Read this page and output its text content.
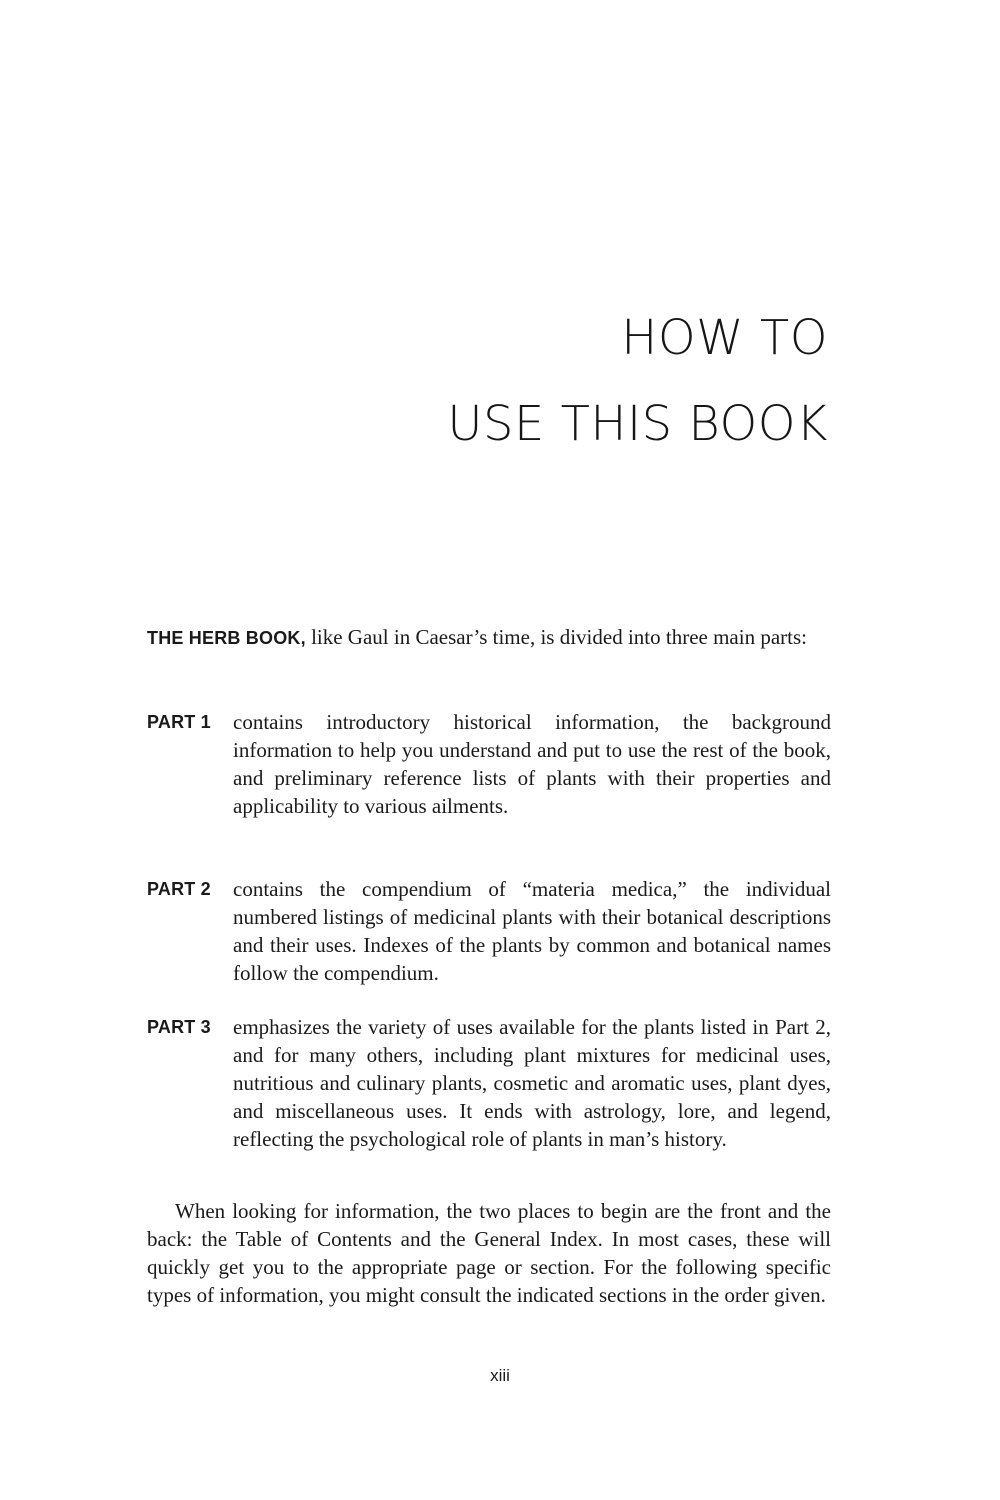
HOW TO
USE THIS BOOK
THE HERB BOOK, like Gaul in Caesar’s time, is divided into three main parts:
PART 1	contains introductory historical information, the background information to help you understand and put to use the rest of the book, and preliminary reference lists of plants with their properties and applicability to various ailments.
PART 2	contains the compendium of “materia medica,” the individual numbered listings of medicinal plants with their botanical descriptions and their uses. Indexes of the plants by common and botanical names follow the compendium.
PART 3	emphasizes the variety of uses available for the plants listed in Part 2, and for many others, including plant mixtures for medicinal uses, nutritious and culinary plants, cosmetic and aromatic uses, plant dyes, and miscellaneous uses. It ends with astrology, lore, and legend, reflecting the psychological role of plants in man’s history.
When looking for information, the two places to begin are the front and the back: the Table of Contents and the General Index. In most cases, these will quickly get you to the appropriate page or section. For the following specific types of information, you might consult the indicated sections in the order given.
xiii
